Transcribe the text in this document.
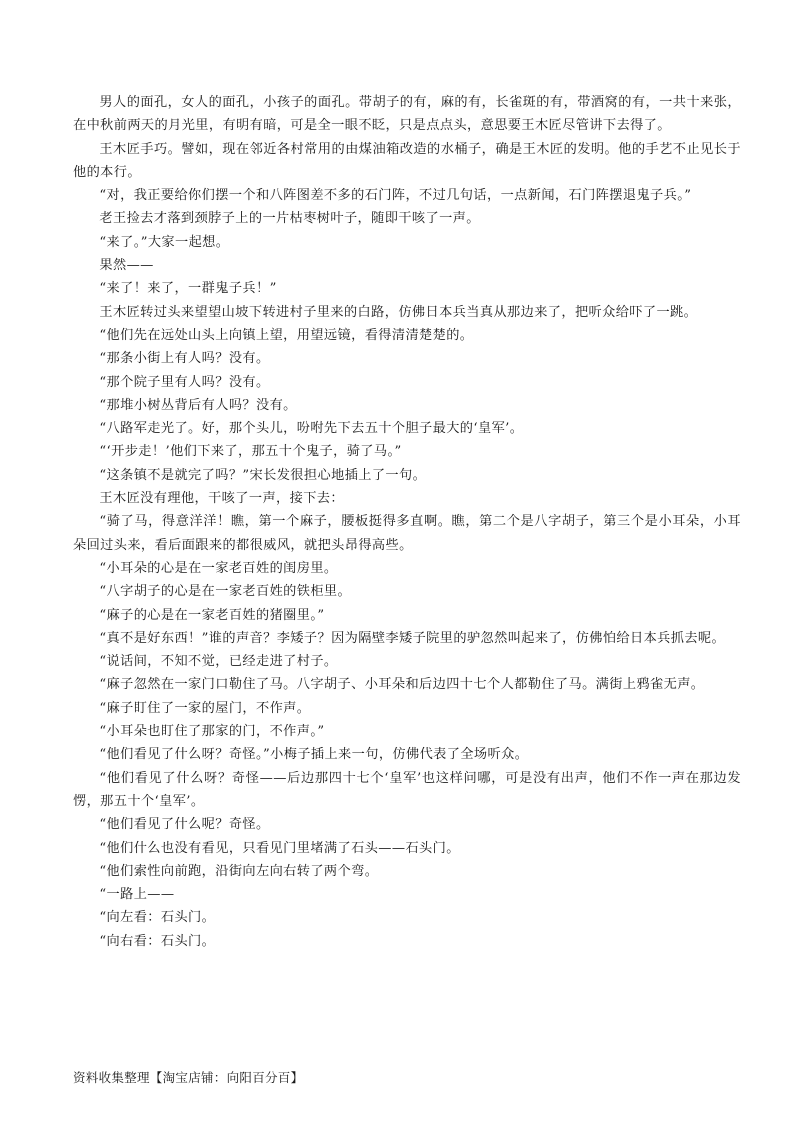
男人的面孔，女人的面孔，小孩子的面孔。带胡子的有，麻的有，长雀斑的有，带酒窝的有，一共十来张，在中秋前两天的月光里，有明有暗，可是全一眼不眨，只是点点头，意思要王木匠尽管讲下去得了。

王木匠手巧。譬如，现在邻近各村常用的由煤油箱改造的水桶子，确是王木匠的发明。他的手艺不止见长于他的本行。

“对，我正要给你们摆一个和八阵图差不多的石门阵，不过几句话，一点新闻，石门阵摆退鬼子兵。”

老王捡去才落到颈脖子上的一片枯枣树叶子，随即干咳了一声。

“来了。”大家一起想。

果然——

“来了！来了，一群鬼子兵！”

王木匠转过头来望望山坡下转进村子里来的白路，仿佛日本兵当真从那边来了，把听众给吓了一跳。

“他们先在远处山头上向镇上望，用望远镜，看得清清楚楚的。

“那条小街上有人吗？没有。

“那个院子里有人吗？没有。

“那堆小树丛背后有人吗？没有。

“八路军走光了。好，那个头儿，吩咐先下去五十个胆子最大的‘皇军’。

“‘开步走！’他们下来了，那五十个鬼子，骑了马。”

“这条镇不是就完了吗？”宋长发很担心地插上了一句。

王木匠没有理他，干咳了一声，接下去：

“骑了马，得意洋洋！瞧，第一个麻子，腰板挺得多直啊。瞧，第二个是八字胡子，第三个是小耳朵，小耳朵回过头来，看后面跟来的都很威风，就把头昂得高些。

“小耳朵的心是在一家老百姓的闺房里。

“八字胡子的心是在一家老百姓的铁柜里。

“麻子的心是在一家老百姓的猪圈里。”

“真不是好东西！”谁的声音？李矮子？因为隔壁李矮子院里的驴忽然叫起来了，仿佛怕给日本兵抓去呢。

“说话间，不知不觉，已经走进了村子。

“麻子忽然在一家门口勒住了马。八字胡子、小耳朵和后边四十七个人都勒住了马。满街上鸦雀无声。

“麻子盯住了一家的屋门，不作声。

“小耳朵也盯住了那家的门，不作声。”

“他们看见了什么呀？奇怪。”小梅子插上来一句，仿佛代表了全场听众。

“他们看见了什么呀？奇怪——后边那四十七个‘皇军’也这样问哪，可是没有出声，他们不作一声在那边发愣，那五十个‘皇军’。

“他们看见了什么呢？奇怪。

“他们什么也没有看见，只看见门里堵满了石头——石头门。

“他们索性向前跑，沿街向左向右转了两个弯。

“一路上——

“向左看：石头门。

“向右看：石头门。

资料收集整理【淘宝店铺：向阳百分百】
